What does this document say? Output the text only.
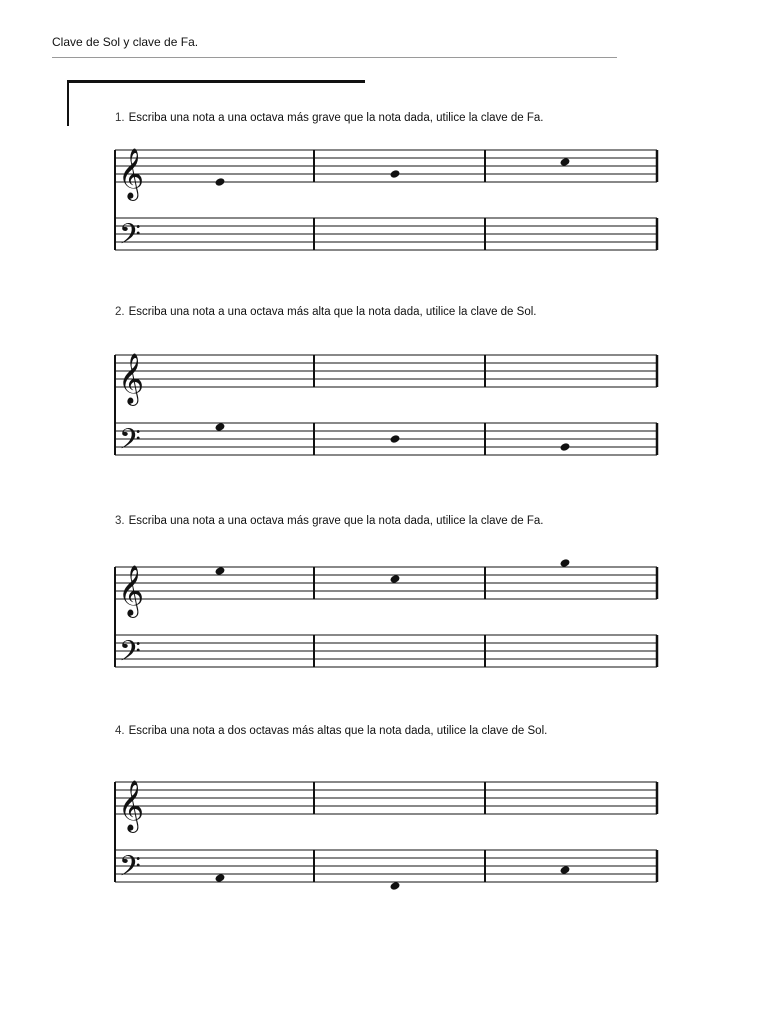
Clave de Sol y clave de Fa.
1. Escriba una nota a una octava más grave que la nota dada, utilice la clave de Fa.
𝄞
𝄢
2. Escriba una nota a una octava más alta que la nota dada, utilice la clave de Sol.
𝄞
𝄢
3. Escriba una nota a una octava más grave que la nota dada, utilice la clave de Fa.
𝄞
𝄢
4. Escriba una nota a dos octavas más altas que la nota dada, utilice la clave de Sol.
𝄞
𝄢
